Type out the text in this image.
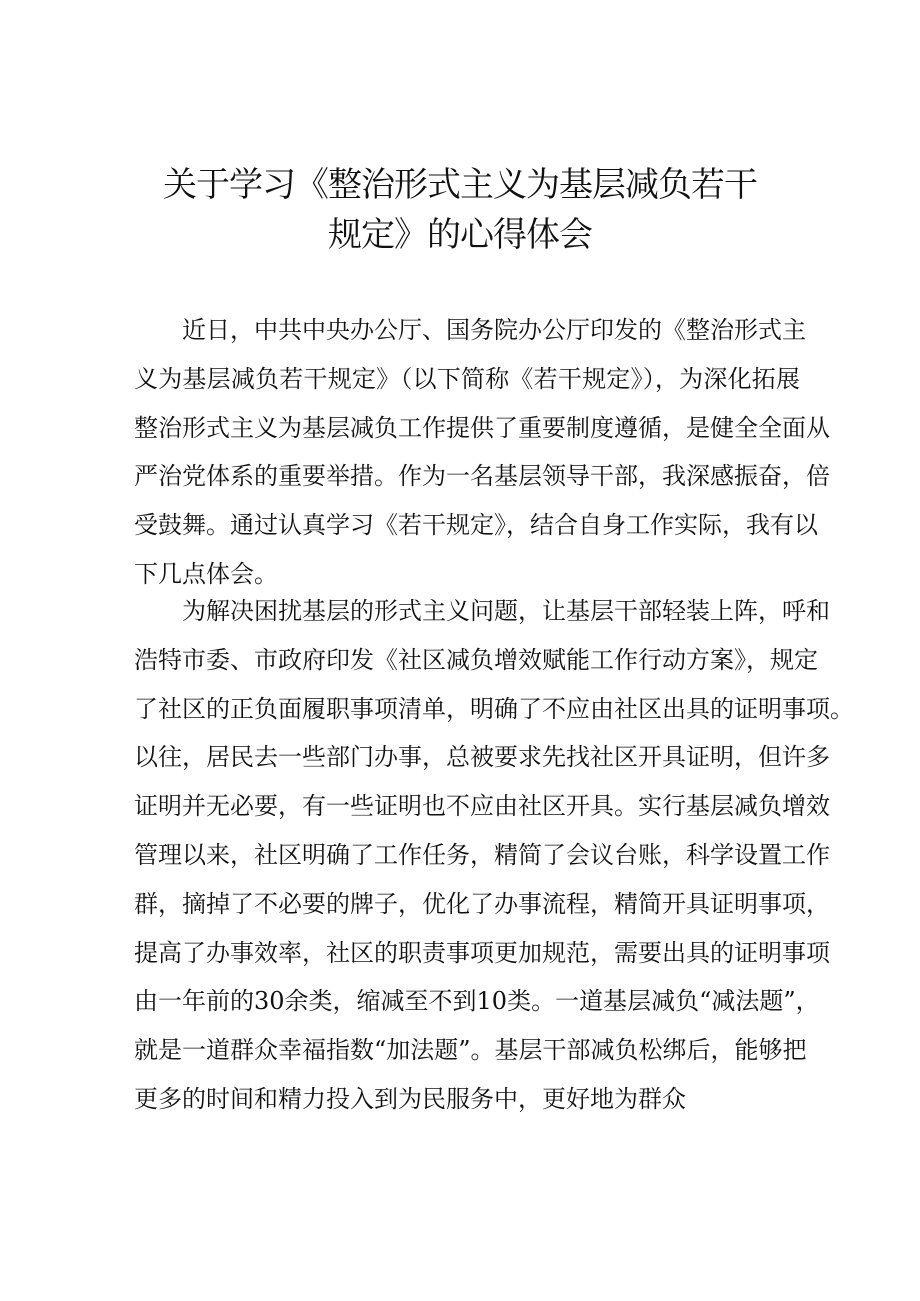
关于学习《整治形式主义为基层减负若干
规定》的心得体会
　　近日，中共中央办公厅、国务院办公厅印发的《整治形式主
义为基层减负若干规定》（以下简称《若干规定》），为深化拓展
整治形式主义为基层减负工作提供了重要制度遵循，是健全全面从
严治党体系的重要举措。作为一名基层领导干部，我深感振奋，倍
受鼓舞。通过认真学习《若干规定》，结合自身工作实际，我有以
下几点体会。
　　为解决困扰基层的形式主义问题，让基层干部轻装上阵，呼和
浩特市委、市政府印发《社区减负增效赋能工作行动方案》，规定
了社区的正负面履职事项清单，明确了不应由社区出具的证明事项。
以往，居民去一些部门办事，总被要求先找社区开具证明，但许多
证明并无必要，有一些证明也不应由社区开具。实行基层减负增效
管理以来，社区明确了工作任务，精简了会议台账，科学设置工作
群，摘掉了不必要的牌子，优化了办事流程，精简开具证明事项，
提高了办事效率，社区的职责事项更加规范，需要出具的证明事项
由一年前的30余类，缩减至不到10类。一道基层减负“减法题”，
就是一道群众幸福指数“加法题”。基层干部减负松绑后，能够把
更多的时间和精力投入到为民服务中，更好地为群众
